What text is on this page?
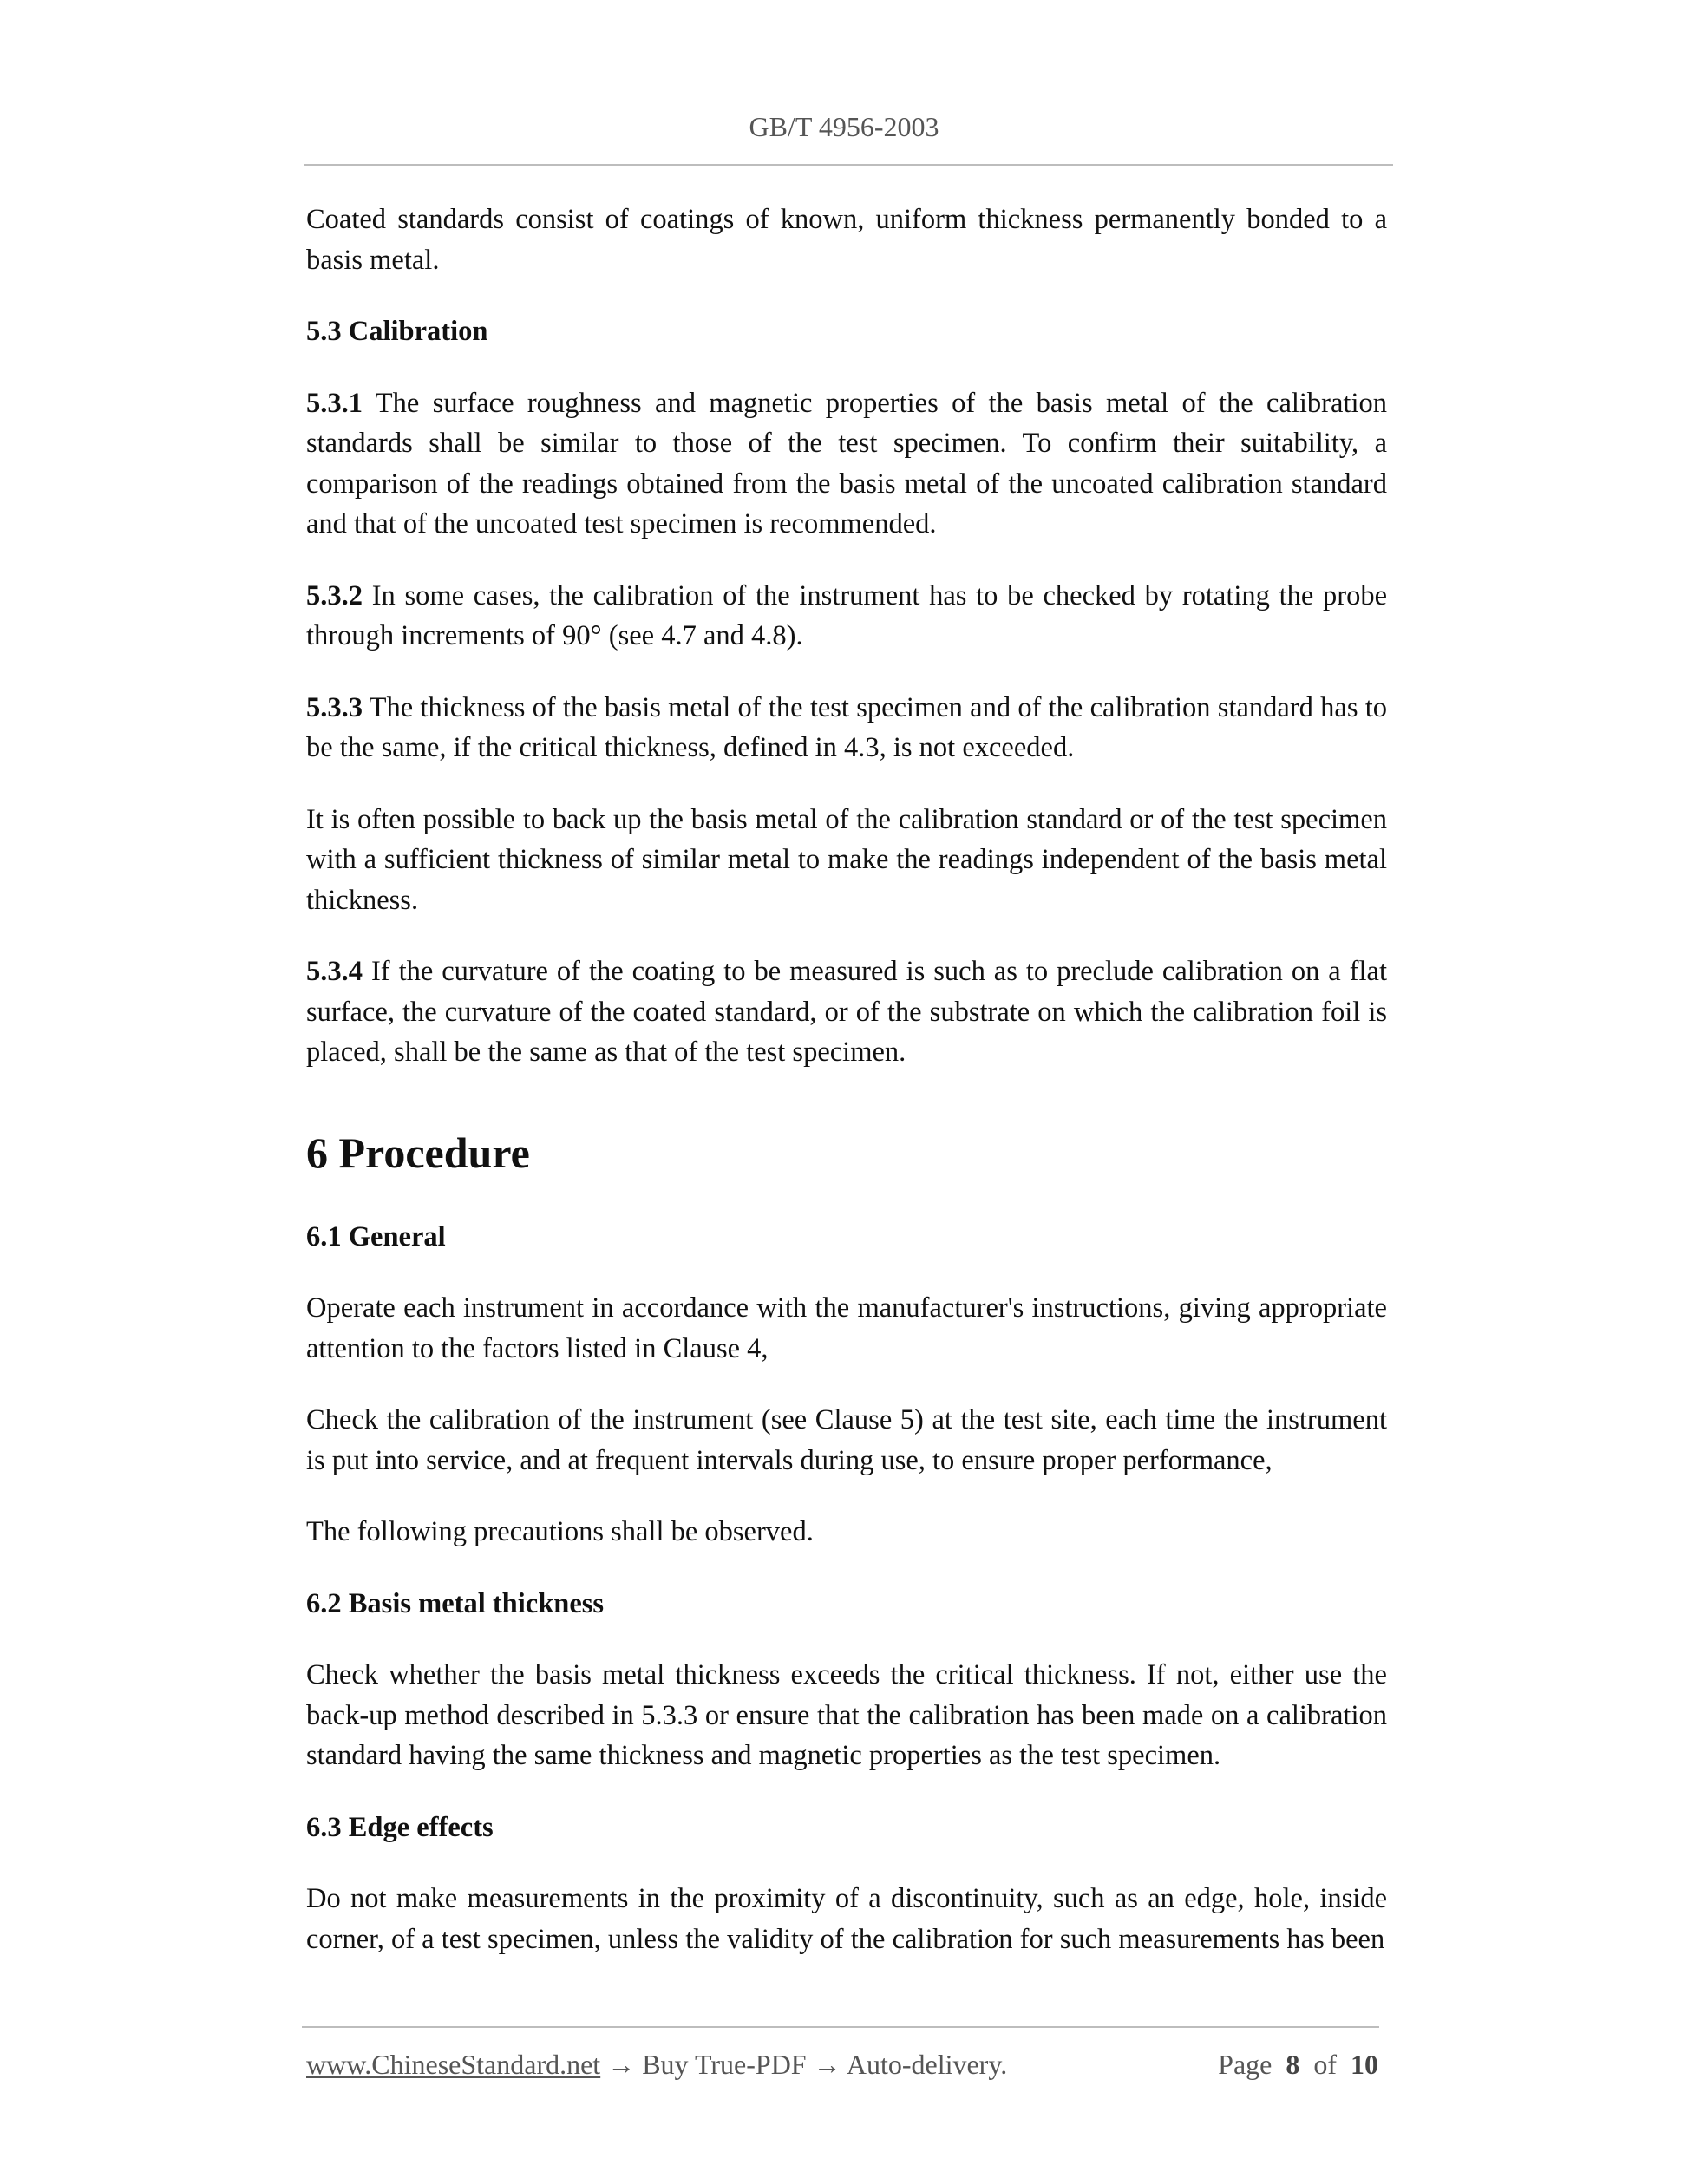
GB/T 4956-2003

Coated standards consist of coatings of known, uniform thickness permanently bonded to a basis metal.

5.3 Calibration

5.3.1 The surface roughness and magnetic properties of the basis metal of the calibration standards shall be similar to those of the test specimen. To confirm their suitability, a comparison of the readings obtained from the basis metal of the uncoated calibration standard and that of the uncoated test specimen is recommended.

5.3.2 In some cases, the calibration of the instrument has to be checked by rotating the probe through increments of 90° (see 4.7 and 4.8).

5.3.3 The thickness of the basis metal of the test specimen and of the calibration standard has to be the same, if the critical thickness, defined in 4.3, is not exceeded.

It is often possible to back up the basis metal of the calibration standard or of the test specimen with a sufficient thickness of similar metal to make the readings independent of the basis metal thickness.

5.3.4 If the curvature of the coating to be measured is such as to preclude calibration on a flat surface, the curvature of the coated standard, or of the substrate on which the calibration foil is placed, shall be the same as that of the test specimen.

6 Procedure
6.1 General

Operate each instrument in accordance with the manufacturer's instructions, giving appropriate attention to the factors listed in Clause 4,

Check the calibration of the instrument (see Clause 5) at the test site, each time the instrument is put into service, and at frequent intervals during use, to ensure proper performance,

The following precautions shall be observed.

6.2 Basis metal thickness

Check whether the basis metal thickness exceeds the critical thickness. If not, either use the back-up method described in 5.3.3 or ensure that the calibration has been made on a calibration standard having the same thickness and magnetic properties as the test specimen.

6.3 Edge effects

Do not make measurements in the proximity of a discontinuity, such as an edge, hole, inside corner, of a test specimen, unless the validity of the calibration for such measurements has been

www.ChineseStandard.net → Buy True-PDF → Auto-delivery.	Page 8 of 10
